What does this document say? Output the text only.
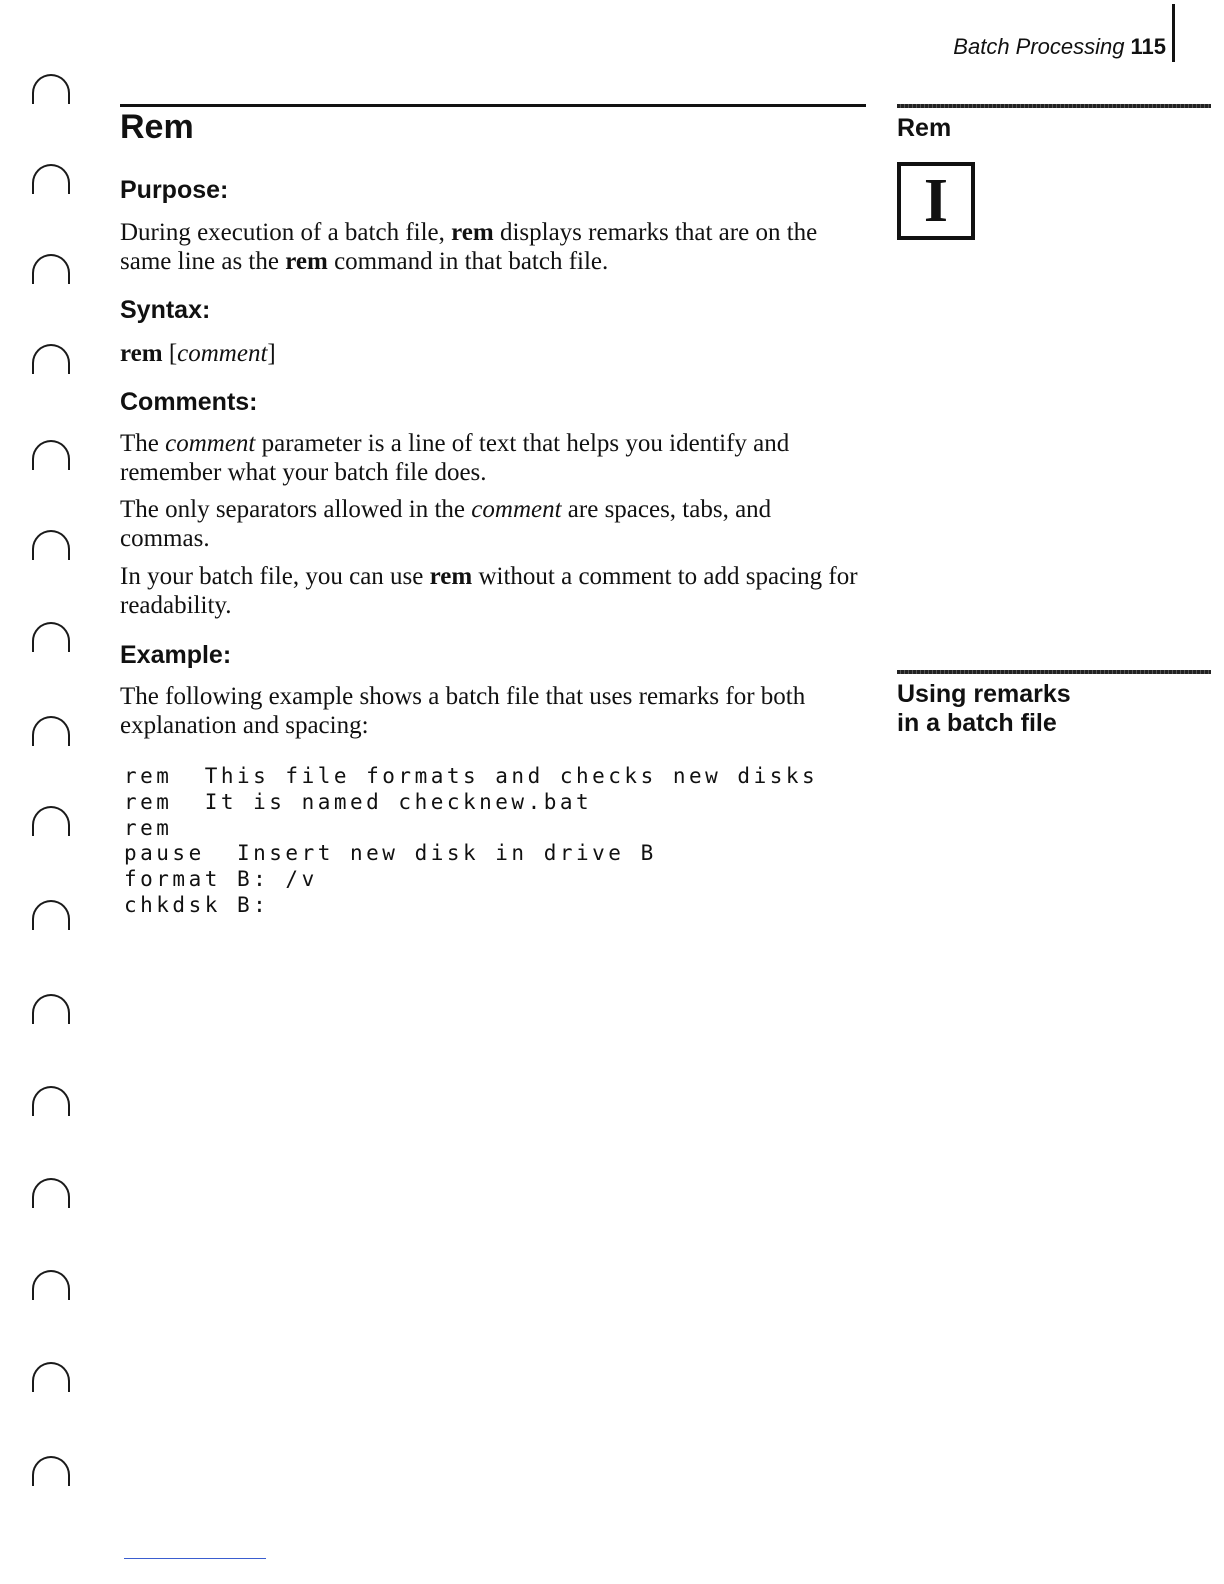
Batch Processing 115
Rem	Rem
I
Using remarks
in a batch file
Purpose:

During execution of a batch file, rem displays remarks that are on the same line as the rem command in that batch file.

Syntax:

rem [comment]

Comments:

The comment parameter is a line of text that helps you identify and remember what your batch file does.

The only separators allowed in the comment are spaces, tabs, and commas.

In your batch file, you can use rem without a comment to add spacing for readability.

Example:

The following example shows a batch file that uses remarks for both explanation and spacing:

rem  This file formats and checks new disks
rem  It is named checknew.bat
rem
pause  Insert new disk in drive B
format B: /v
chkdsk B:
